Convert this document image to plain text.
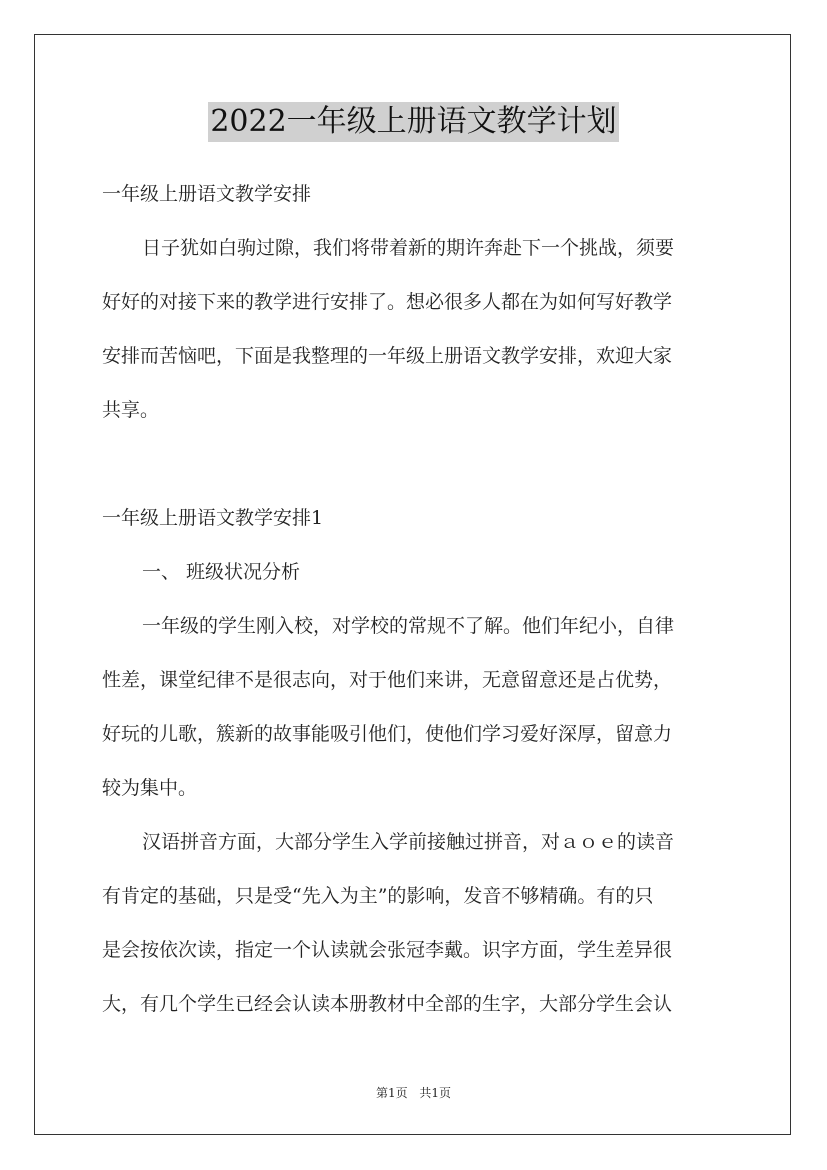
2022一年级上册语文教学计划
一年级上册语文教学安排
日子犹如白驹过隙，我们将带着新的期许奔赴下一个挑战，须要
好好的对接下来的教学进行安排了。想必很多人都在为如何写好教学
安排而苦恼吧，下面是我整理的一年级上册语文教学安排，欢迎大家
共享。
一年级上册语文教学安排1
一、 班级状况分析
一年级的学生刚入校，对学校的常规不了解。他们年纪小，自律
性差，课堂纪律不是很志向，对于他们来讲，无意留意还是占优势，
好玩的儿歌，簇新的故事能吸引他们，使他们学习爱好深厚，留意力
较为集中。
汉语拼音方面，大部分学生入学前接触过拼音，对ａｏｅ的读音
有肯定的基础，只是受“先入为主”的影响，发音不够精确。有的只
是会按依次读，指定一个认读就会张冠李戴。识字方面，学生差异很
大，有几个学生已经会认读本册教材中全部的生字，大部分学生会认
第1页 共1页
